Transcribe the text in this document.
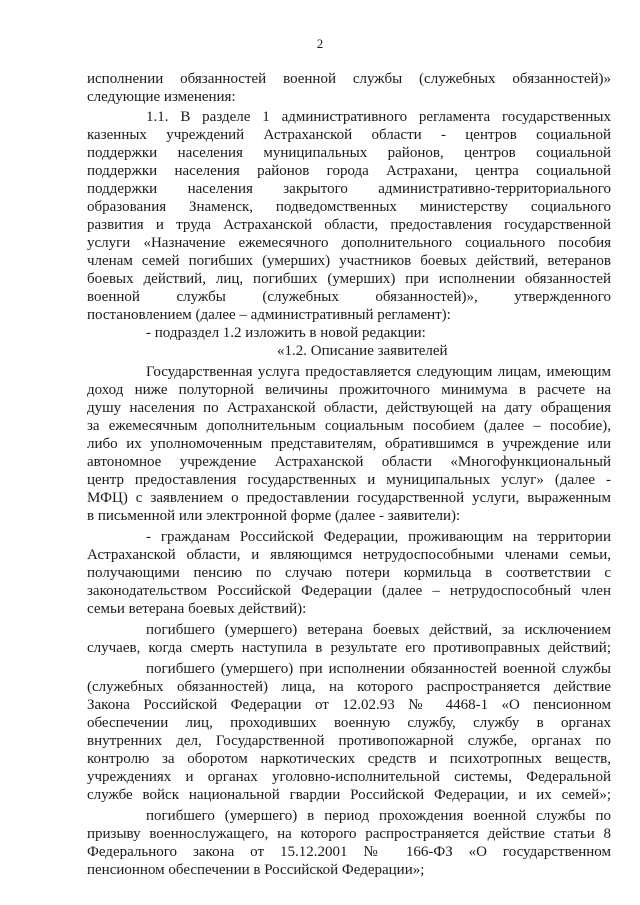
2
исполнении обязанностей военной службы (служебных обязанностей)»
следующие изменения:
1.1. В разделе 1 административного регламента государственных
казенных учреждений Астраханской области - центров социальной
поддержки населения муниципальных районов, центров социальной
поддержки населения районов города Астрахани, центра социальной
поддержки населения закрытого административно-территориального
образования Знаменск, подведомственных министерству социального
развития и труда Астраханской области, предоставления государственной
услуги «Назначение ежемесячного дополнительного социального пособия
членам семей погибших (умерших) участников боевых действий, ветеранов
боевых действий, лиц, погибших (умерших) при исполнении обязанностей
военной службы (служебных обязанностей)», утвержденного
постановлением (далее – административный регламент):
- подраздел 1.2 изложить в новой редакции:
«1.2. Описание заявителей
Государственная услуга предоставляется следующим лицам, имеющим
доход ниже полуторной величины прожиточного минимума в расчете на
душу населения по Астраханской области, действующей на дату обращения
за ежемесячным дополнительным социальным пособием (далее – пособие),
либо их уполномоченным представителям, обратившимся в учреждение или
автономное учреждение Астраханской области «Многофункциональный
центр предоставления государственных и муниципальных услуг» (далее -
МФЦ) с заявлением о предоставлении государственной услуги, выраженным
в письменной или электронной форме (далее - заявители):
- гражданам Российской Федерации, проживающим на территории
Астраханской области, и являющимся нетрудоспособными членами семьи,
получающими пенсию по случаю потери кормильца в соответствии с
законодательством Российской Федерации (далее – нетрудоспособный член
семьи ветерана боевых действий):
погибшего (умершего) ветерана боевых действий, за исключением
случаев, когда смерть наступила в результате его противоправных действий;
погибшего (умершего) при исполнении обязанностей военной службы
(служебных обязанностей) лица, на которого распространяется действие
Закона Российской Федерации от 12.02.93 № 4468-1 «О пенсионном
обеспечении лиц, проходивших военную службу, службу в органах
внутренних дел, Государственной противопожарной службе, органах по
контролю за оборотом наркотических средств и психотропных веществ,
учреждениях и органах уголовно-исполнительной системы, Федеральной
службе войск национальной гвардии Российской Федерации, и их семей»;
погибшего (умершего) в период прохождения военной службы по
призыву военнослужащего, на которого распространяется действие статьи 8
Федерального закона от 15.12.2001 № 166-ФЗ «О государственном
пенсионном обеспечении в Российской Федерации»;
